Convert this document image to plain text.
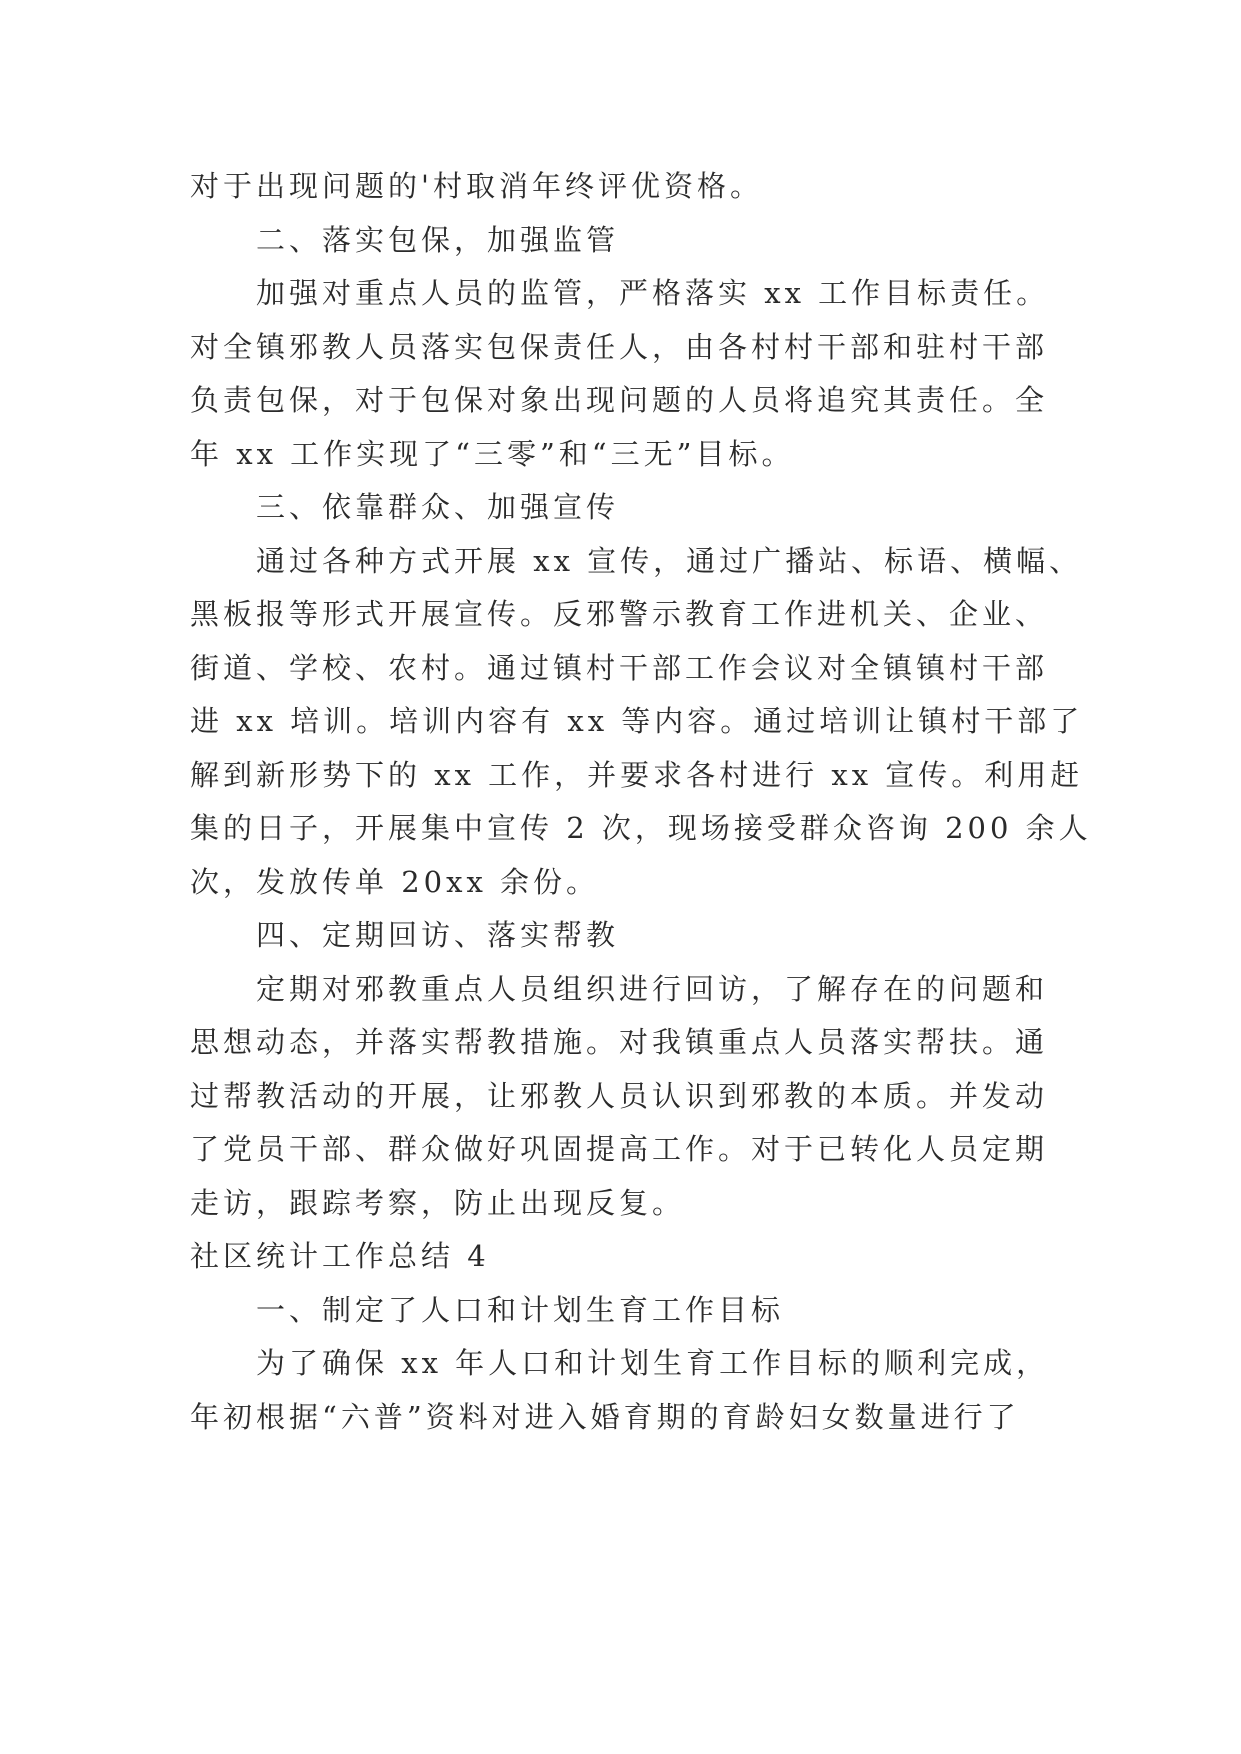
对于出现问题的'村取消年终评优资格。
二、落实包保，加强监管
加强对重点人员的监管，严格落实 xx 工作目标责任。
对全镇邪教人员落实包保责任人，由各村村干部和驻村干部
负责包保，对于包保对象出现问题的人员将追究其责任。全
年 xx 工作实现了“三零”和“三无”目标。
三、依靠群众、加强宣传
通过各种方式开展 xx 宣传，通过广播站、标语、横幅、
黑板报等形式开展宣传。反邪警示教育工作进机关、企业、
街道、学校、农村。通过镇村干部工作会议对全镇镇村干部
进 xx 培训。培训内容有 xx 等内容。通过培训让镇村干部了
解到新形势下的 xx 工作，并要求各村进行 xx 宣传。利用赶
集的日子，开展集中宣传 2 次，现场接受群众咨询 200 余人
次，发放传单 20xx 余份。
四、定期回访、落实帮教
定期对邪教重点人员组织进行回访，了解存在的问题和
思想动态，并落实帮教措施。对我镇重点人员落实帮扶。通
过帮教活动的开展，让邪教人员认识到邪教的本质。并发动
了党员干部、群众做好巩固提高工作。对于已转化人员定期
走访，跟踪考察，防止出现反复。
社区统计工作总结 4
一、制定了人口和计划生育工作目标
为了确保 xx 年人口和计划生育工作目标的顺利完成，
年初根据“六普”资料对进入婚育期的育龄妇女数量进行了
